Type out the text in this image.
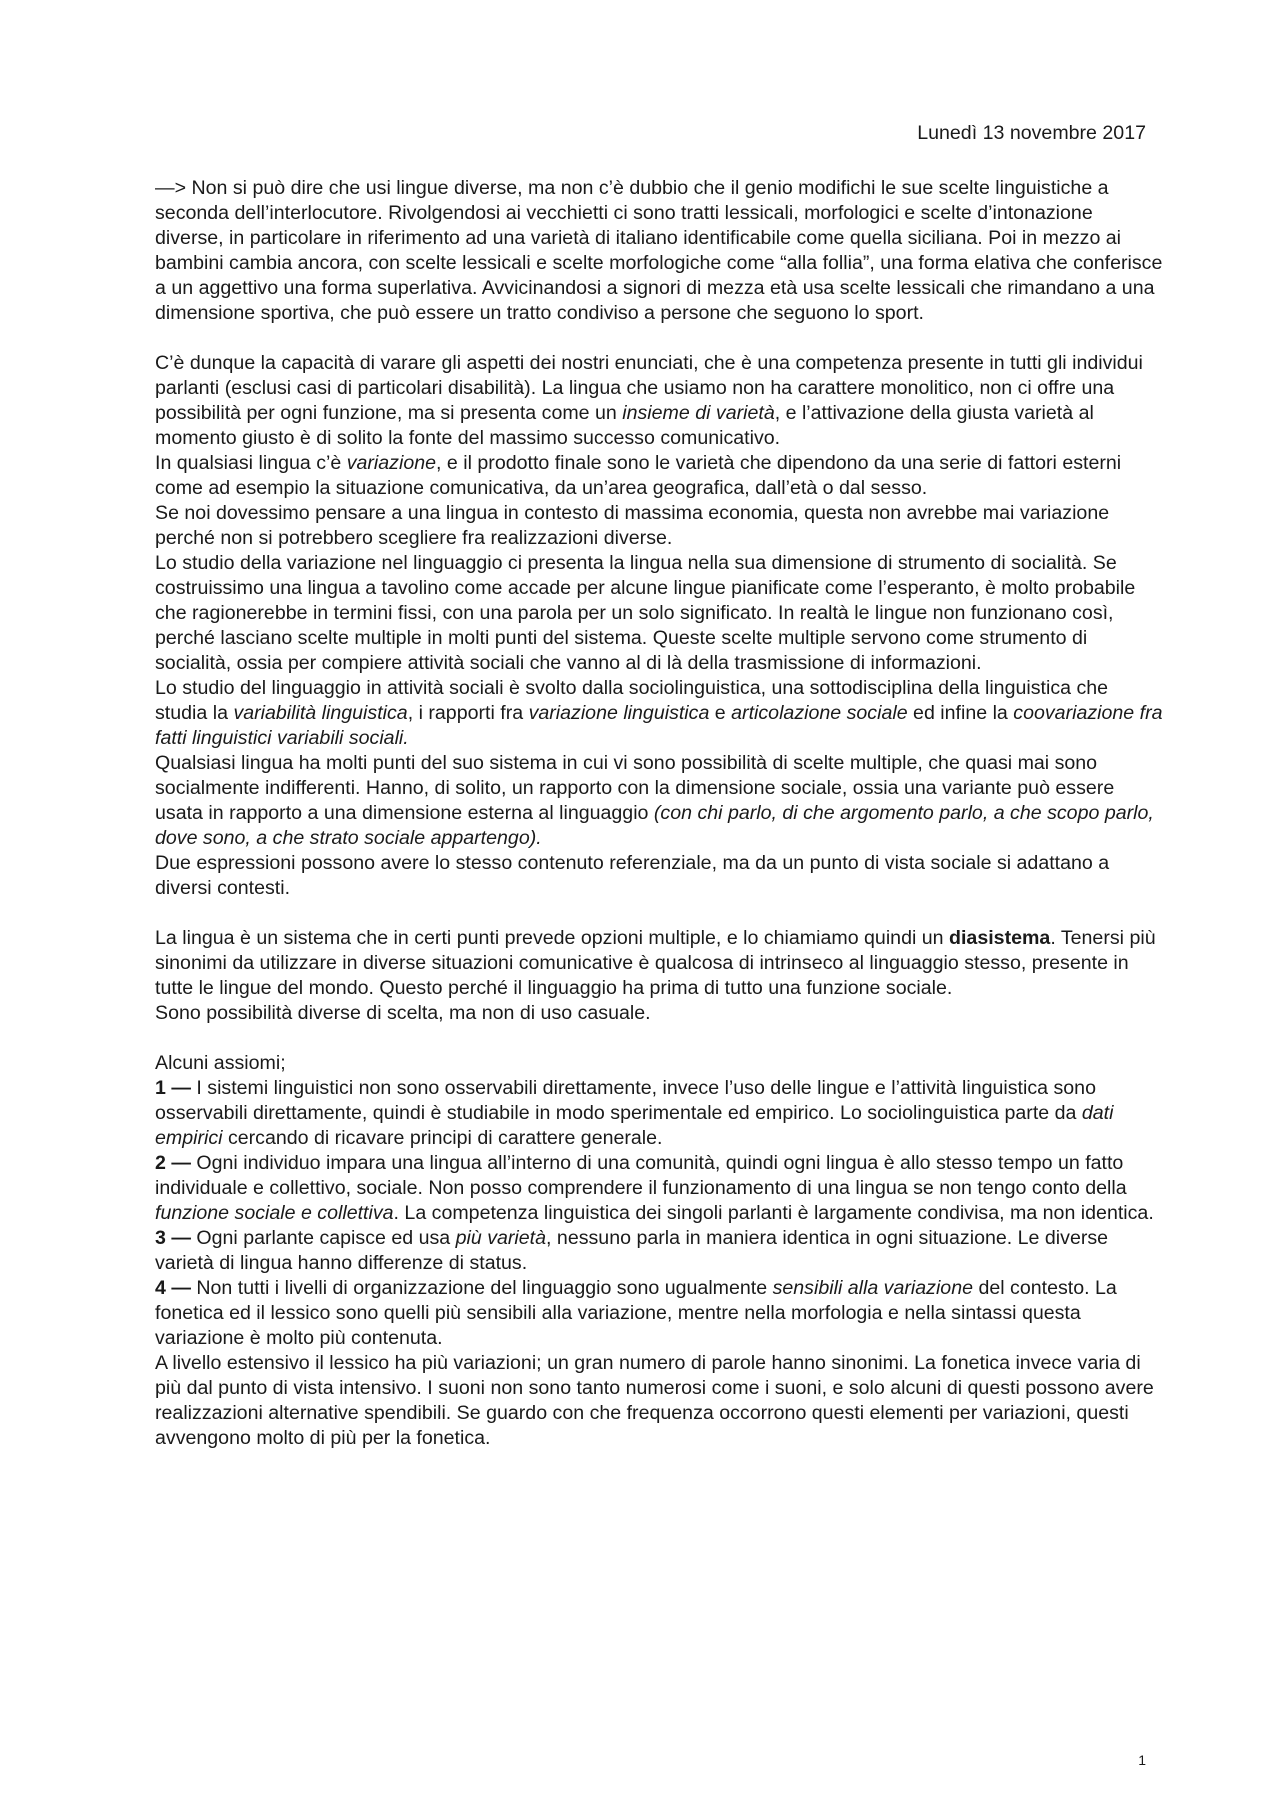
Lunedì 13 novembre 2017

—> Non si può dire che usi lingue diverse, ma non c’è dubbio che il genio modifichi le sue scelte linguistiche a seconda dell’interlocutore. Rivolgendosi ai vecchietti ci sono tratti lessicali, morfologici e scelte d’intonazione diverse, in particolare in riferimento ad una varietà di italiano identificabile come quella siciliana. Poi in mezzo ai bambini cambia ancora, con scelte lessicali e scelte morfologiche come “alla follia”, una forma elativa che conferisce a un aggettivo una forma superlativa. Avvicinandosi a signori di mezza età usa scelte lessicali che rimandano a una dimensione sportiva, che può essere un tratto condiviso a persone che seguono lo sport.

C’è dunque la capacità di varare gli aspetti dei nostri enunciati, che è una competenza presente in tutti gli individui parlanti (esclusi casi di particolari disabilità). La lingua che usiamo non ha carattere monolitico, non ci offre una possibilità per ogni funzione, ma si presenta come un insieme di varietà, e l’attivazione della giusta varietà al momento giusto è di solito la fonte del massimo successo comunicativo.

In qualsiasi lingua c’è variazione, e il prodotto finale sono le varietà che dipendono da una serie di fattori esterni come ad esempio la situazione comunicativa, da un’area geografica, dall’età o dal sesso.

Se noi dovessimo pensare a una lingua in contesto di massima economia, questa non avrebbe mai variazione perché non si potrebbero scegliere fra realizzazioni diverse.

Lo studio della variazione nel linguaggio ci presenta la lingua nella sua dimensione di strumento di socialità. Se costruissimo una lingua a tavolino come accade per alcune lingue pianificate come l’esperanto, è molto probabile che ragionerebbe in termini fissi, con una parola per un solo significato. In realtà le lingue non funzionano così, perché lasciano scelte multiple in molti punti del sistema. Queste scelte multiple servono come strumento di socialità, ossia per compiere attività sociali che vanno al di là della trasmissione di informazioni.

Lo studio del linguaggio in attività sociali è svolto dalla sociolinguistica, una sottodisciplina della linguistica che studia la variabilità linguistica, i rapporti fra variazione linguistica e articolazione sociale ed infine la coovariazione fra fatti linguistici variabili sociali.

Qualsiasi lingua ha molti punti del suo sistema in cui vi sono possibilità di scelte multiple, che quasi mai sono socialmente indifferenti. Hanno, di solito, un rapporto con la dimensione sociale, ossia una variante può essere usata in rapporto a una dimensione esterna al linguaggio (con chi parlo, di che argomento parlo, a che scopo parlo, dove sono, a che strato sociale appartengo).

Due espressioni possono avere lo stesso contenuto referenziale, ma da un punto di vista sociale si adattano a diversi contesti.

La lingua è un sistema che in certi punti prevede opzioni multiple, e lo chiamiamo quindi un diasistema. Tenersi più sinonimi da utilizzare in diverse situazioni comunicative è qualcosa di intrinseco al linguaggio stesso, presente in tutte le lingue del mondo. Questo perché il linguaggio ha prima di tutto una funzione sociale.

Sono possibilità diverse di scelta, ma non di uso casuale.

Alcuni assiomi;

1 — I sistemi linguistici non sono osservabili direttamente, invece l’uso delle lingue e l’attività linguistica sono osservabili direttamente, quindi è studiabile in modo sperimentale ed empirico. Lo sociolinguistica parte da dati empirici cercando di ricavare principi di carattere generale.

2 — Ogni individuo impara una lingua all’interno di una comunità, quindi ogni lingua è allo stesso tempo un fatto individuale e collettivo, sociale. Non posso comprendere il funzionamento di una lingua se non tengo conto della funzione sociale e collettiva. La competenza linguistica dei singoli parlanti è largamente condivisa, ma non identica.

3 — Ogni parlante capisce ed usa più varietà, nessuno parla in maniera identica in ogni situazione. Le diverse varietà di lingua hanno differenze di status.

4 — Non tutti i livelli di organizzazione del linguaggio sono ugualmente sensibili alla variazione del contesto. La fonetica ed il lessico sono quelli più sensibili alla variazione, mentre nella morfologia e nella sintassi questa variazione è molto più contenuta.

A livello estensivo il lessico ha più variazioni; un gran numero di parole hanno sinonimi. La fonetica invece varia di più dal punto di vista intensivo. I suoni non sono tanto numerosi come i suoni, e solo alcuni di questi possono avere realizzazioni alternative spendibili. Se guardo con che frequenza occorrono questi elementi per variazioni, questi avvengono molto di più per la fonetica.

1
